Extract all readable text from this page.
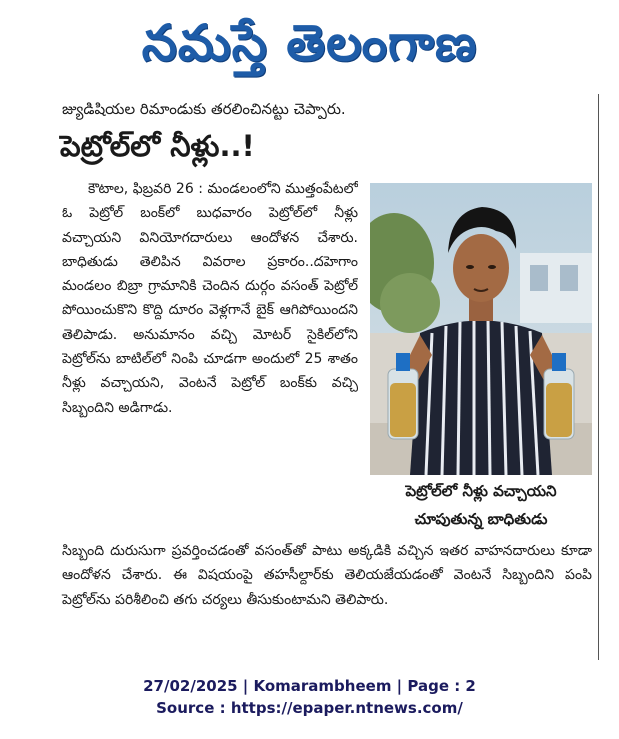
నమస్తే తెలంగాణ
జ్యుడిషియల రిమాండుకు తరలించినట్టు చెప్పారు.
పెట్రోల్‌లో నీళ్లు..!

కౌటాల, ఫిబ్రవరి 26 : మండలంలోని ముత్తంపేటలో ఓ పెట్రోల్ బంక్‌లో బుధవారం పెట్రోల్‌లో నీళ్లు వచ్చాయని వినియోగదారులు ఆందోళన చేశారు. బాధితుడు తెలిపిన వివరాల ప్రకారం..దహెగాం మండలం బిబ్రా గ్రామానికి చెందిన దుర్గం వసంత్ పెట్రోల్ పోయించుకొని కొద్ది దూరం వెళ్లగానే బైక్ ఆగిపోయిందని తెలిపాడు. అనుమానం వచ్చి మోటర్ సైకిల్‌లోని పెట్రోల్‌ను బాటిల్‌లో నింపి చూడగా అందులో 25 శాతం నీళ్లు వచ్చాయని, వెంటనే పెట్రోల్ బంక్‌కు వచ్చి సిబ్బందిని అడిగాడు.

పెట్రోల్‌లో నీళ్లు వచ్చాయని
చూపుతున్న బాధితుడు
సిబ్బంది దురుసుగా ప్రవర్తించడంతో వసంత్‌తో పాటు అక్కడికి వచ్చిన ఇతర వాహనదారులు కూడా ఆందోళన చేశారు. ఈ విషయంపై తహసీల్దార్‌కు తెలియజేయడంతో వెంటనే సిబ్బందిని పంపి పెట్రోల్‌ను పరిశీలించి తగు చర్యలు తీసుకుంటామని తెలిపారు.
27/02/2025 | Komarambheem | Page : 2
Source : https://epaper.ntnews.com/
